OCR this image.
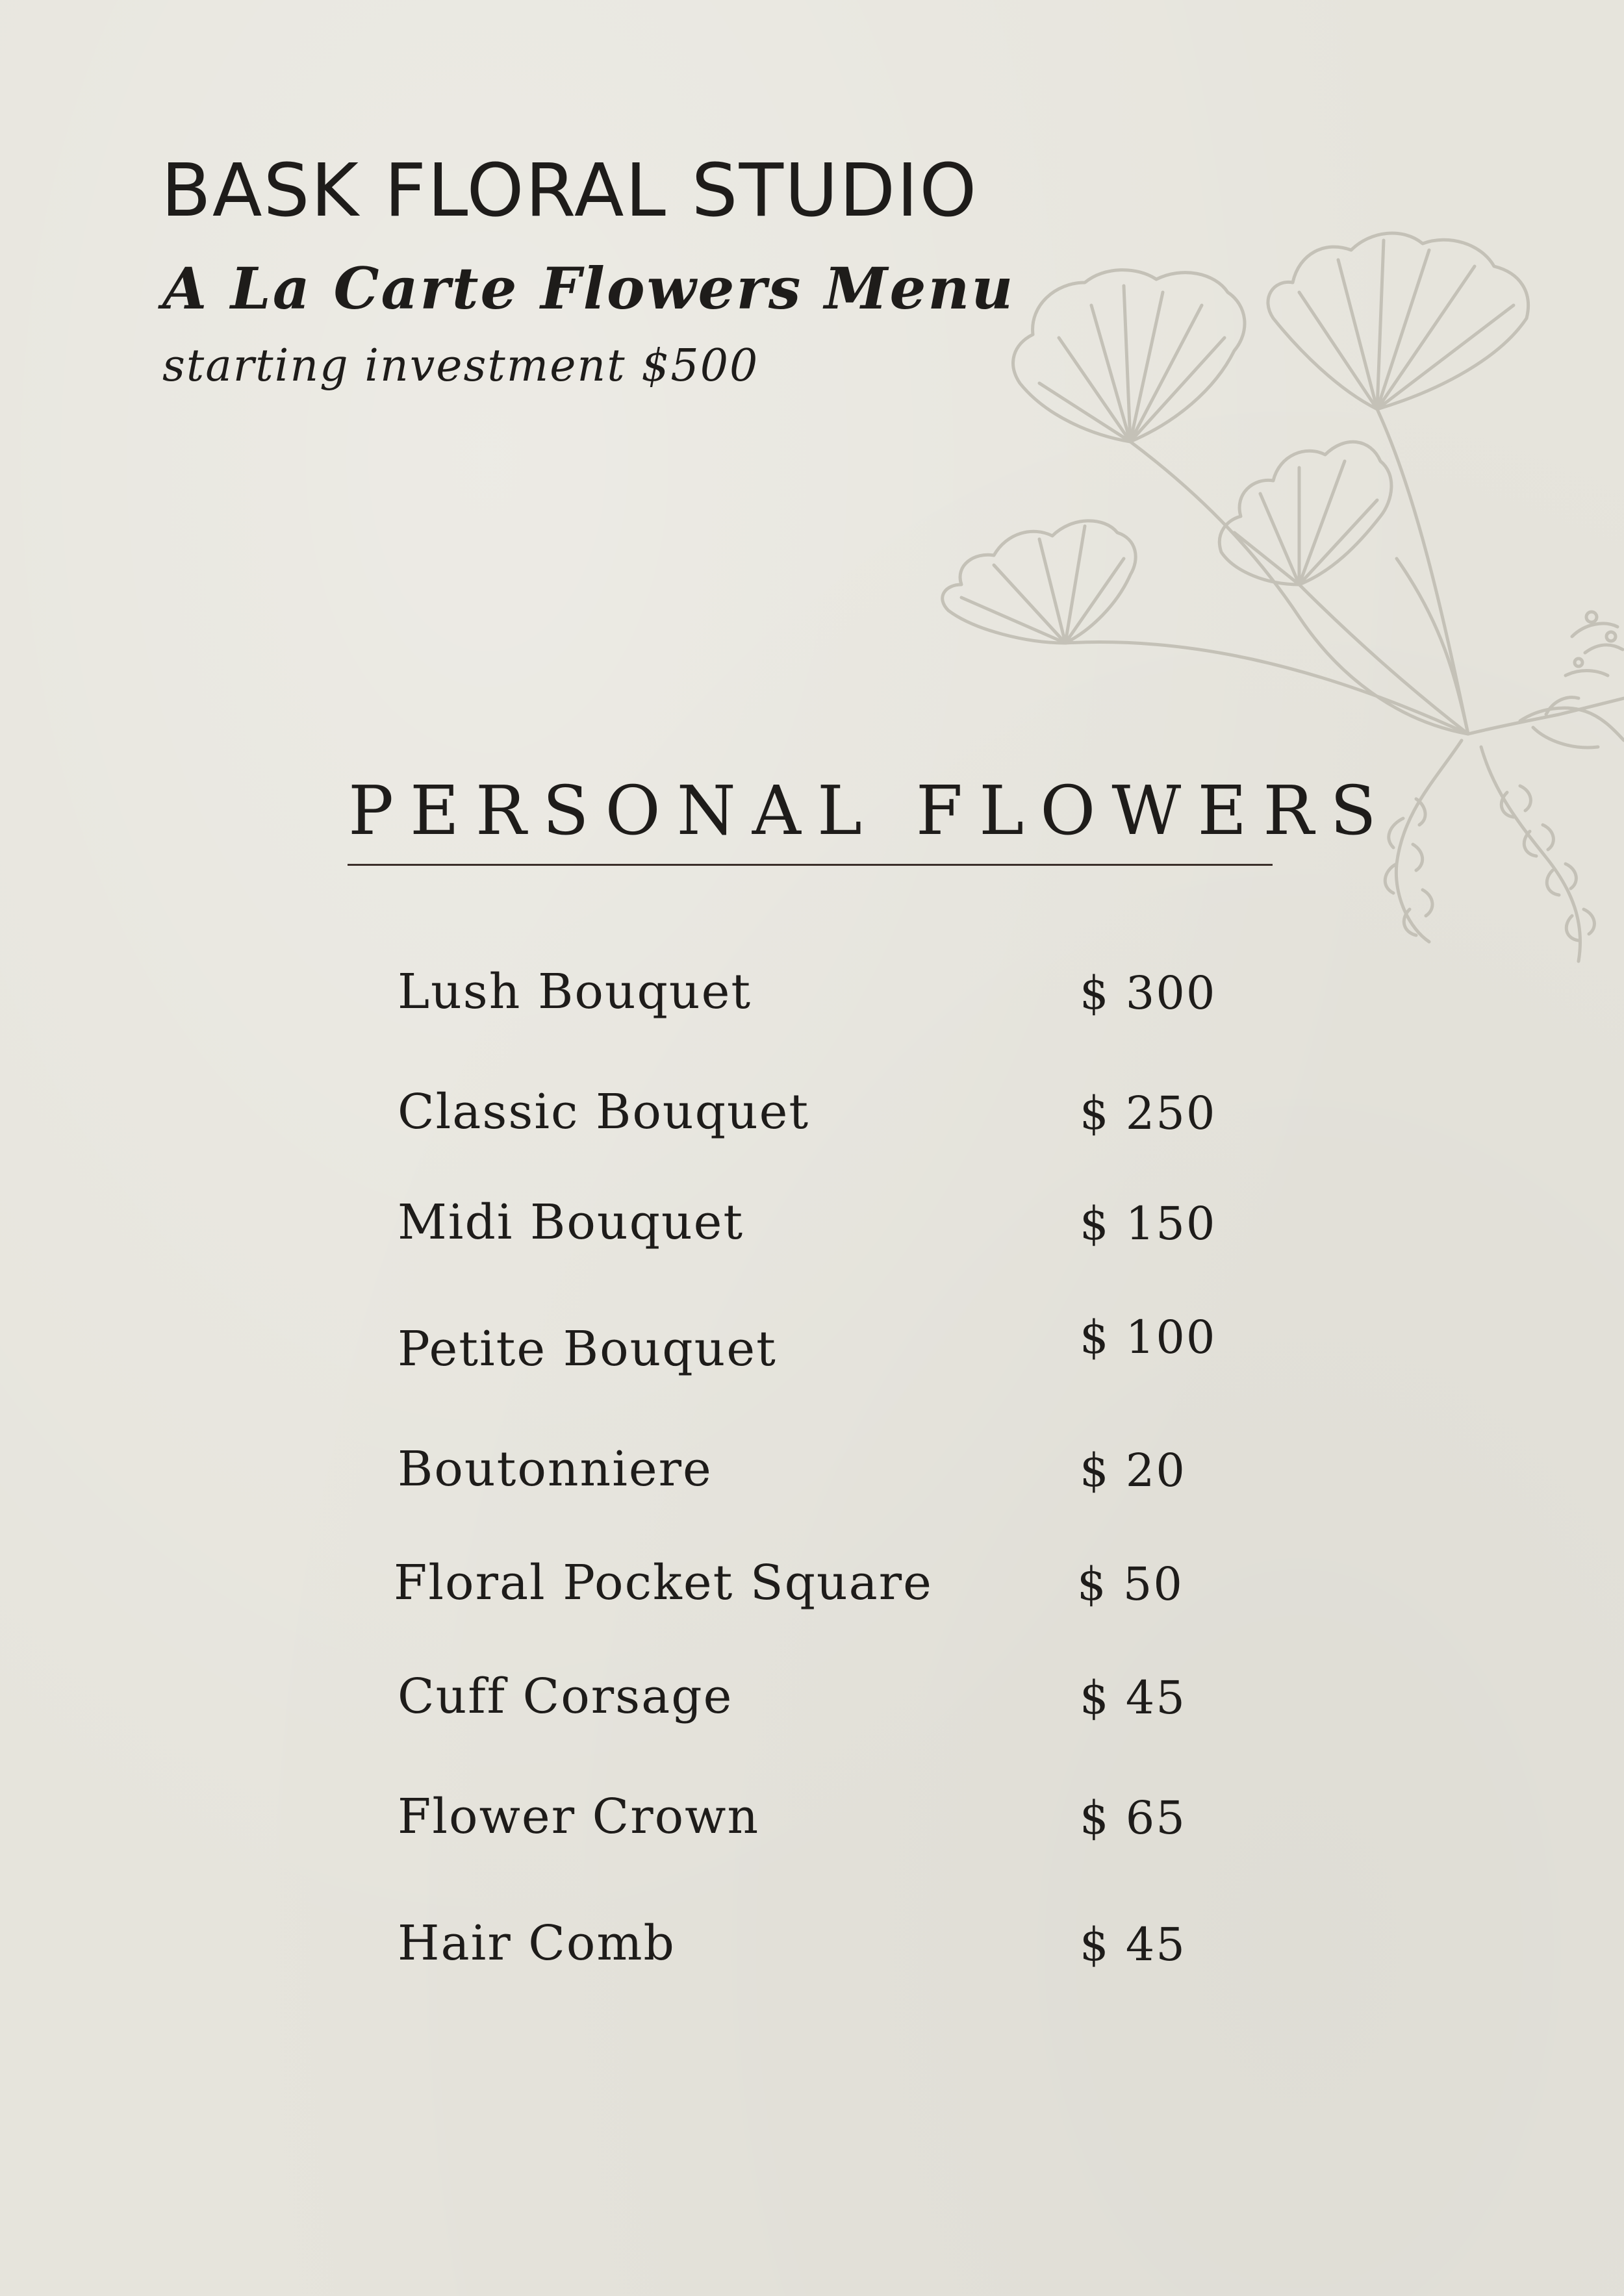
BASK FLORAL STUDIO
A La Carte Flowers Menu

starting investment $500

PERSONAL FLOWERS
Lush Bouquet	$ 300
Classic Bouquet	$ 250
Midi Bouquet	$ 150
Petite Bouquet	$ 100
Boutonniere	$ 20
Floral Pocket Square	$ 50
Cuff Corsage	$ 45
Flower Crown	$ 65
Hair Comb	$ 45
